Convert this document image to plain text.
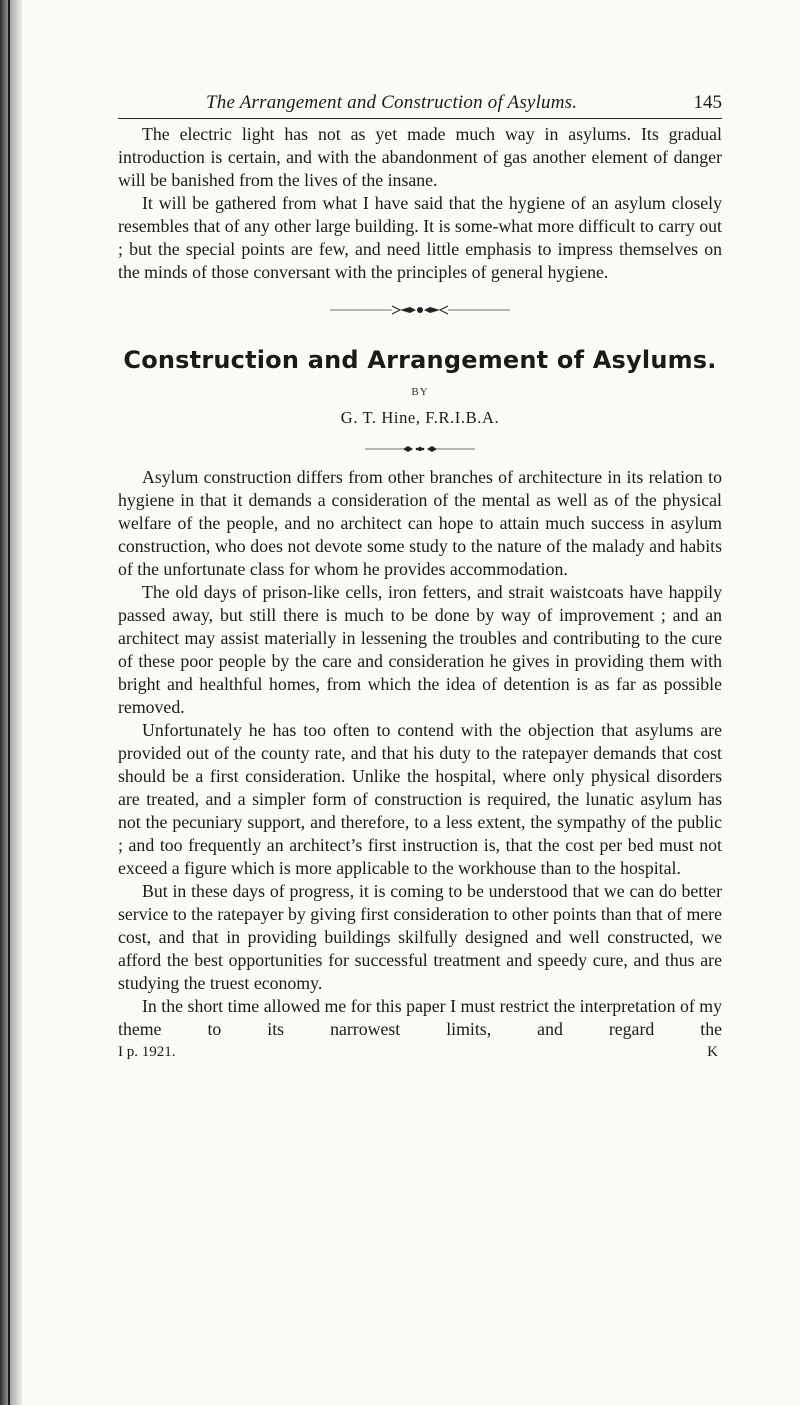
The Arrangement and Construction of Asylums.	145

The electric light has not as yet made much way in asylums. Its gradual introduction is certain, and with the abandonment of gas another element of danger will be banished from the lives of the insane.

It will be gathered from what I have said that the hygiene of an asylum closely resembles that of any other large building. It is some-what more difficult to carry out ; but the special points are few, and need little emphasis to impress themselves on the minds of those conversant with the principles of general hygiene.

Construction and Arrangement of Asylums.
BY
G. T. Hine, F.R.I.B.A.

Asylum construction differs from other branches of architecture in its relation to hygiene in that it demands a consideration of the mental as well as of the physical welfare of the people, and no architect can hope to attain much success in asylum construction, who does not devote some study to the nature of the malady and habits of the unfortunate class for whom he provides accommodation.

The old days of prison-like cells, iron fetters, and strait waistcoats have happily passed away, but still there is much to be done by way of improvement ; and an architect may assist materially in lessening the troubles and contributing to the cure of these poor people by the care and consideration he gives in providing them with bright and healthful homes, from which the idea of detention is as far as possible removed.

Unfortunately he has too often to contend with the objection that asylums are provided out of the county rate, and that his duty to the ratepayer demands that cost should be a first consideration. Unlike the hospital, where only physical disorders are treated, and a simpler form of construction is required, the lunatic asylum has not the pecuniary support, and therefore, to a less extent, the sympathy of the public ; and too frequently an architect’s first instruction is, that the cost per bed must not exceed a figure which is more applicable to the workhouse than to the hospital.

But in these days of progress, it is coming to be understood that we can do better service to the ratepayer by giving first consideration to other points than that of mere cost, and that in providing buildings skilfully designed and well constructed, we afford the best opportunities for successful treatment and speedy cure, and thus are studying the truest economy.

In the short time allowed me for this paper I must restrict the interpretation of my theme to its narrowest limits, and regard the

I p. 1921.	K
